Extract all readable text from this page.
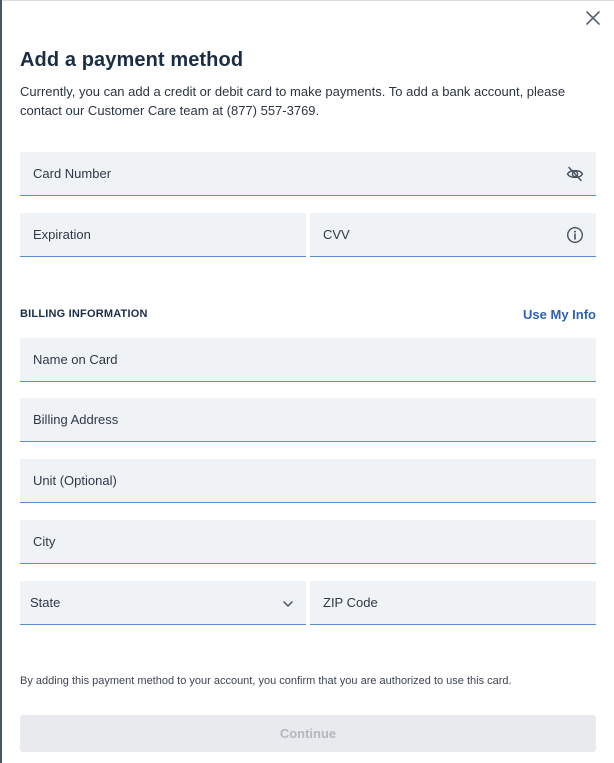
Add a payment method
Currently, you can add a credit or debit card to make payments. To add a bank account, please contact our Customer Care team at (877) 557-3769.
Card Number
Expiration	CVV
BILLING INFORMATION	Use My Info
Name on Card
Billing Address
Unit (Optional)
City
State	ZIP Code
By adding this payment method to your account, you confirm that you are authorized to use this card.
Continue
